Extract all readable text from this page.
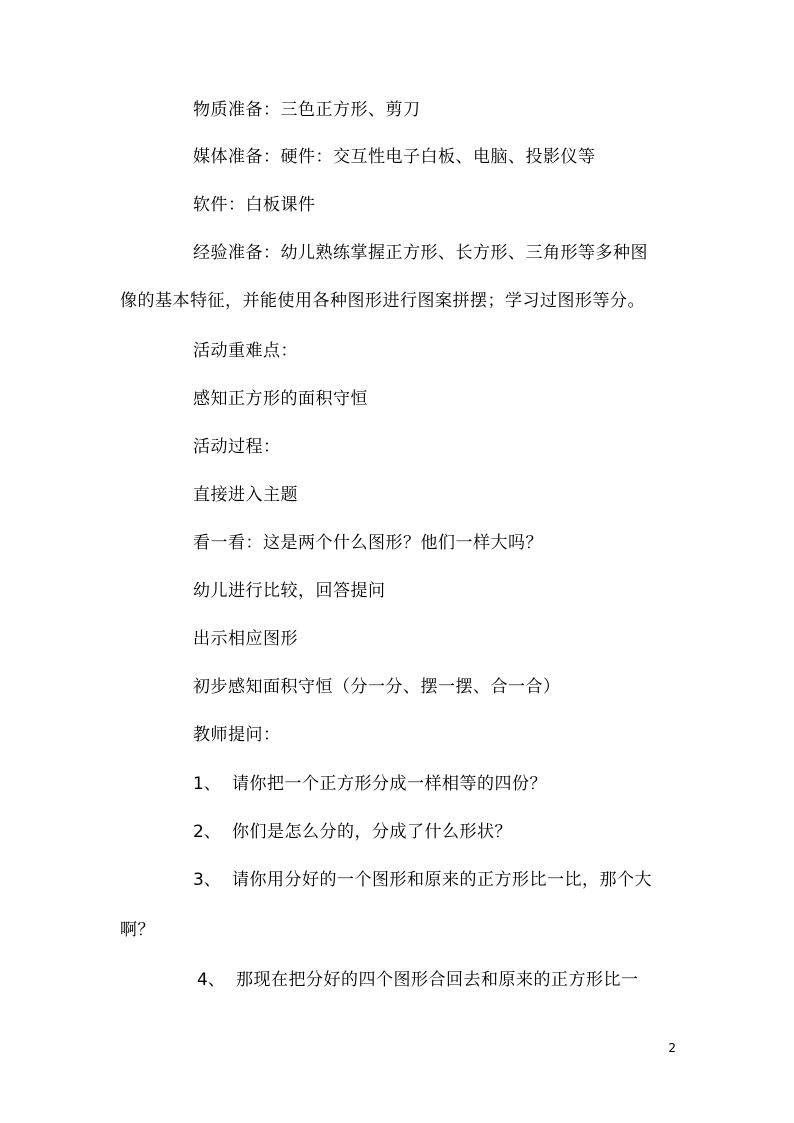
物质准备：三色正方形、剪刀
媒体准备：硬件：交互性电子白板、电脑、投影仪等
软件：白板课件
经验准备：幼儿熟练掌握正方形、长方形、三角形等多种图
像的基本特征，并能使用各种图形进行图案拼摆；学习过图形等分。
活动重难点：
感知正方形的面积守恒
活动过程：
直接进入主题
看一看：这是两个什么图形？他们一样大吗？
幼儿进行比较，回答提问
出示相应图形
初步感知面积守恒（分一分、摆一摆、合一合）
教师提问：
1、 请你把一个正方形分成一样相等的四份？
2、 你们是怎么分的，分成了什么形状？
3、 请你用分好的一个图形和原来的正方形比一比，那个大
啊？
4、 那现在把分好的四个图形合回去和原来的正方形比一
2
